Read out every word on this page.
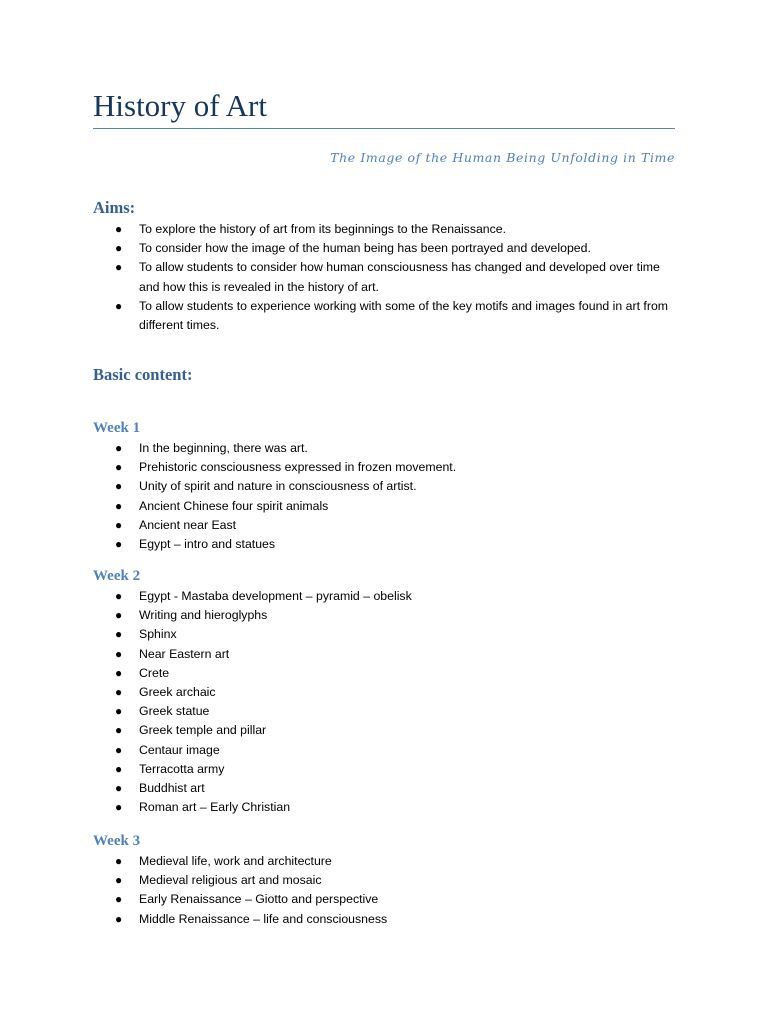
History of Art
The Image of the Human Being Unfolding in Time
Aims:
● To explore the history of art from its beginnings to the Renaissance.
● To consider how the image of the human being has been portrayed and developed.
● To allow students to consider how human consciousness has changed and developed over time and how this is revealed in the history of art.
● To allow students to experience working with some of the key motifs and images found in art from different times.
Basic content:
Week 1
● In the beginning, there was art.
● Prehistoric consciousness expressed in frozen movement.
● Unity of spirit and nature in consciousness of artist.
● Ancient Chinese four spirit animals
● Ancient near East
● Egypt – intro and statues
Week 2
● Egypt - Mastaba development – pyramid – obelisk
● Writing and hieroglyphs
● Sphinx
● Near Eastern art
● Crete
● Greek archaic
● Greek statue
● Greek temple and pillar
● Centaur image
● Terracotta army
● Buddhist art
● Roman art – Early Christian
Week 3
● Medieval life, work and architecture
● Medieval religious art and mosaic
● Early Renaissance – Giotto and perspective
● Middle Renaissance – life and consciousness
